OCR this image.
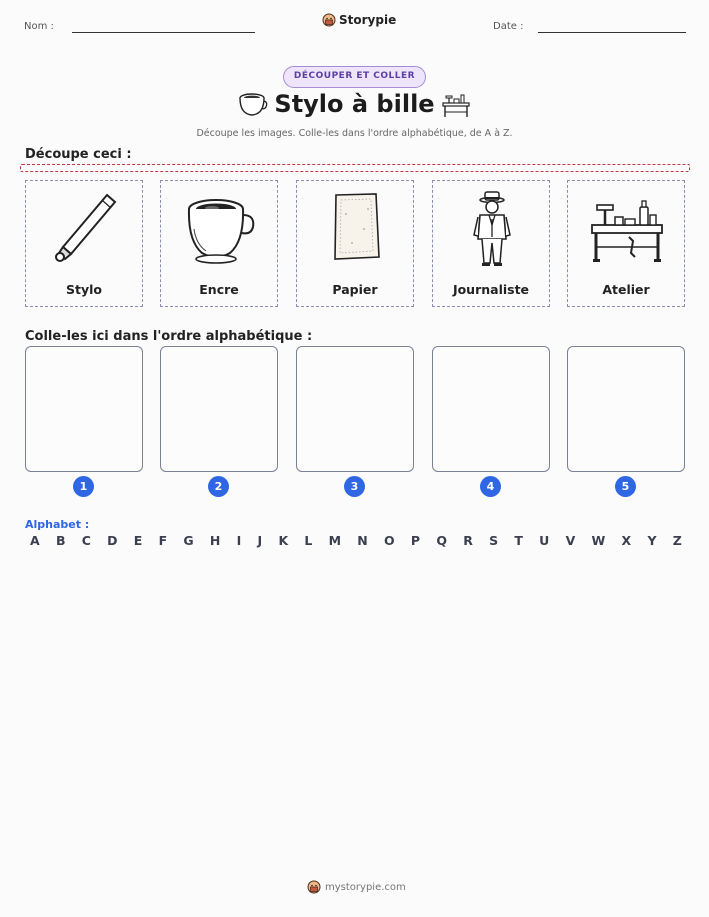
Nom :	Storypie	Date :
DÉCOUPER ET COLLER
Stylo à bille
Découpe les images. Colle-les dans l'ordre alphabétique, de A à Z.
Découpe ceci :
Stylo	Encre	Papier	Journaliste	Atelier
Colle-les ici dans l'ordre alphabétique :
1	2	3	4	5
Alphabet :
A B C D E F G H I J K L M N O P Q R S T U V W X Y Z
mystorypie.com
